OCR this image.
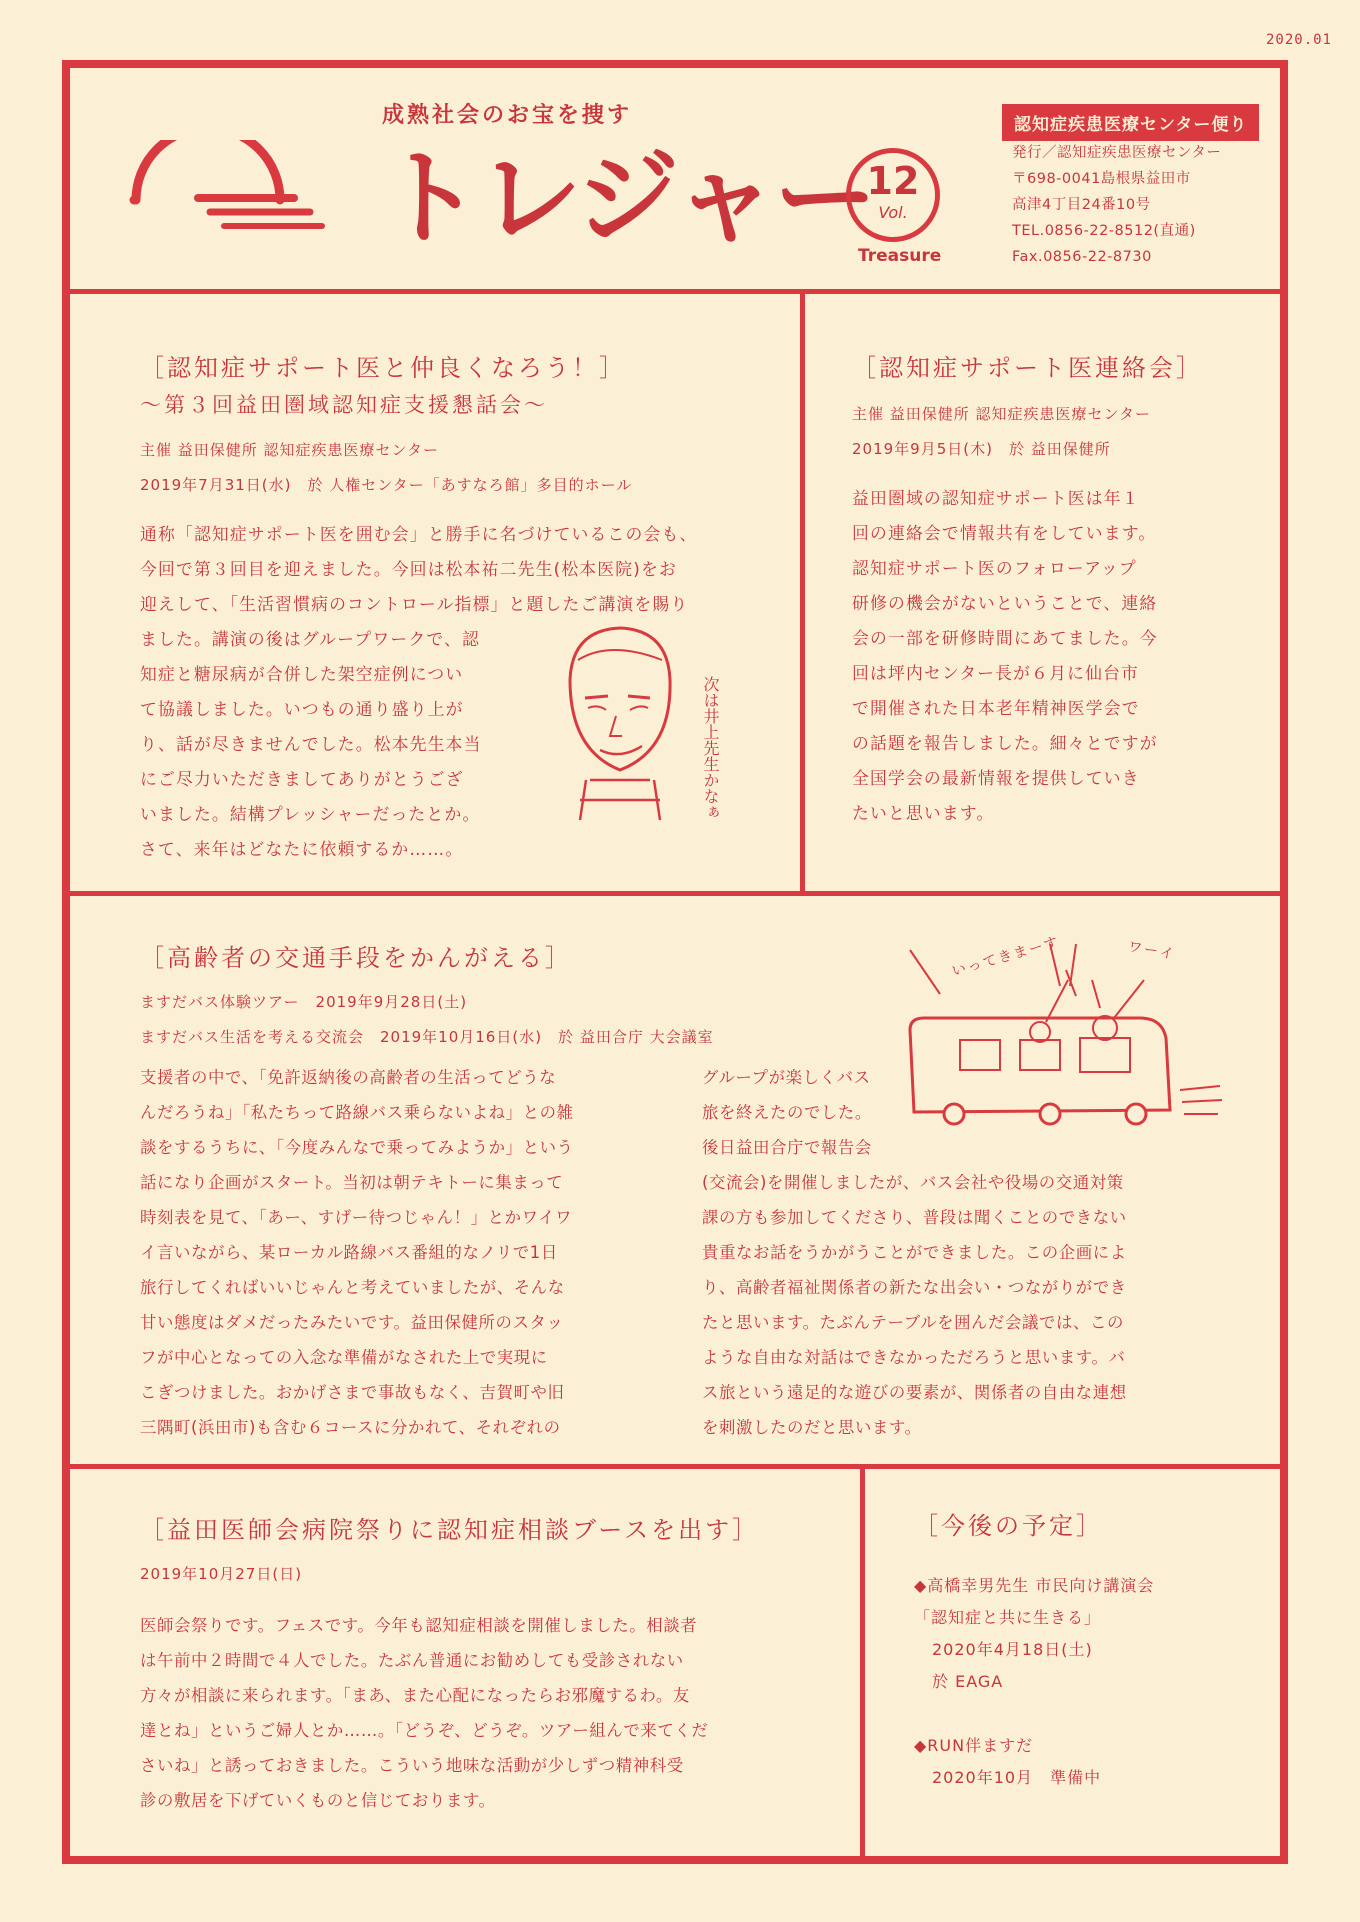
2020.01
成熟社会のお宝を捜す
トレジャー
12
Vol.
Treasure
認知症疾患医療センター便り
発行／認知症疾患医療センター
〒698-0041島根県益田市
高津4丁目24番10号
TEL.0856-22-8512(直通)
Fax.0856-22-8730
［認知症サポート医と仲良くなろう！］
〜第３回益田圏域認知症支援懇話会〜
主催 益田保健所 認知症疾患医療センター
2019年7月31日(水)　於 人権センター「あすなろ館」多目的ホール

通称「認知症サポート医を囲む会」と勝手に名づけているこの会も、

今回で第３回目を迎えました。今回は松本祐二先生(松本医院)をお

迎えして、「生活習慣病のコントロール指標」と題したご講演を賜り

ました。講演の後はグループワークで、認

知症と糖尿病が合併した架空症例につい

て協議しました。いつもの通り盛り上が

り、話が尽きませんでした。松本先生本当

にご尽力いただきましてありがとうござ

いました。結構プレッシャーだったとか。

さて、来年はどなたに依頼するか……。

次は井上先生かなぁ
［認知症サポート医連絡会］
主催 益田保健所 認知症疾患医療センター
2019年9月5日(木)　於 益田保健所

益田圏域の認知症サポート医は年１

回の連絡会で情報共有をしています。

認知症サポート医のフォローアップ

研修の機会がないということで、連絡

会の一部を研修時間にあてました。今

回は坪内センター長が６月に仙台市

で開催された日本老年精神医学会で

の話題を報告しました。細々とですが

全国学会の最新情報を提供していき

たいと思います。

［高齢者の交通手段をかんがえる］
ますだバス体験ツアー　2019年9月28日(土)
ますだバス生活を考える交流会　2019年10月16日(水)　於 益田合庁 大会議室

支援者の中で、「免許返納後の高齢者の生活ってどうな

んだろうね」「私たちって路線バス乗らないよね」との雑

談をするうちに、「今度みんなで乗ってみようか」という

話になり企画がスタート。当初は朝テキトーに集まって

時刻表を見て、「あー、すげー待つじゃん！」とかワイワ

イ言いながら、某ローカル路線バス番組的なノリで1日

旅行してくればいいじゃんと考えていましたが、そんな

甘い態度はダメだったみたいです。益田保健所のスタッ

フが中心となっての入念な準備がなされた上で実現に

こぎつけました。おかげさまで事故もなく、吉賀町や旧

三隅町(浜田市)も含む６コースに分かれて、それぞれの

グループが楽しくバス

旅を終えたのでした。

後日益田合庁で報告会

(交流会)を開催しましたが、バス会社や役場の交通対策

課の方も参加してくださり、普段は聞くことのできない

貴重なお話をうかがうことができました。この企画によ

り、高齢者福祉関係者の新たな出会い・つながりができ

たと思います。たぶんテーブルを囲んだ会議では、この

ような自由な対話はできなかっただろうと思います。バ

ス旅という遠足的な遊びの要素が、関係者の自由な連想

を刺激したのだと思います。

いってきまーす	ワーイ
［益田医師会病院祭りに認知症相談ブースを出す］
2019年10月27日(日)

医師会祭りです。フェスです。今年も認知症相談を開催しました。相談者

は午前中２時間で４人でした。たぶん普通にお勧めしても受診されない

方々が相談に来られます。「まあ、また心配になったらお邪魔するわ。友

達とね」というご婦人とか……。「どうぞ、どうぞ。ツアー組んで来てくだ

さいね」と誘っておきました。こういう地味な活動が少しずつ精神科受

診の敷居を下げていくものと信じております。

［今後の予定］
◆高橋幸男先生 市民向け講演会
「認知症と共に生きる」
2020年4月18日(土)
於 EAGA
◆RUN伴ますだ
2020年10月　準備中
